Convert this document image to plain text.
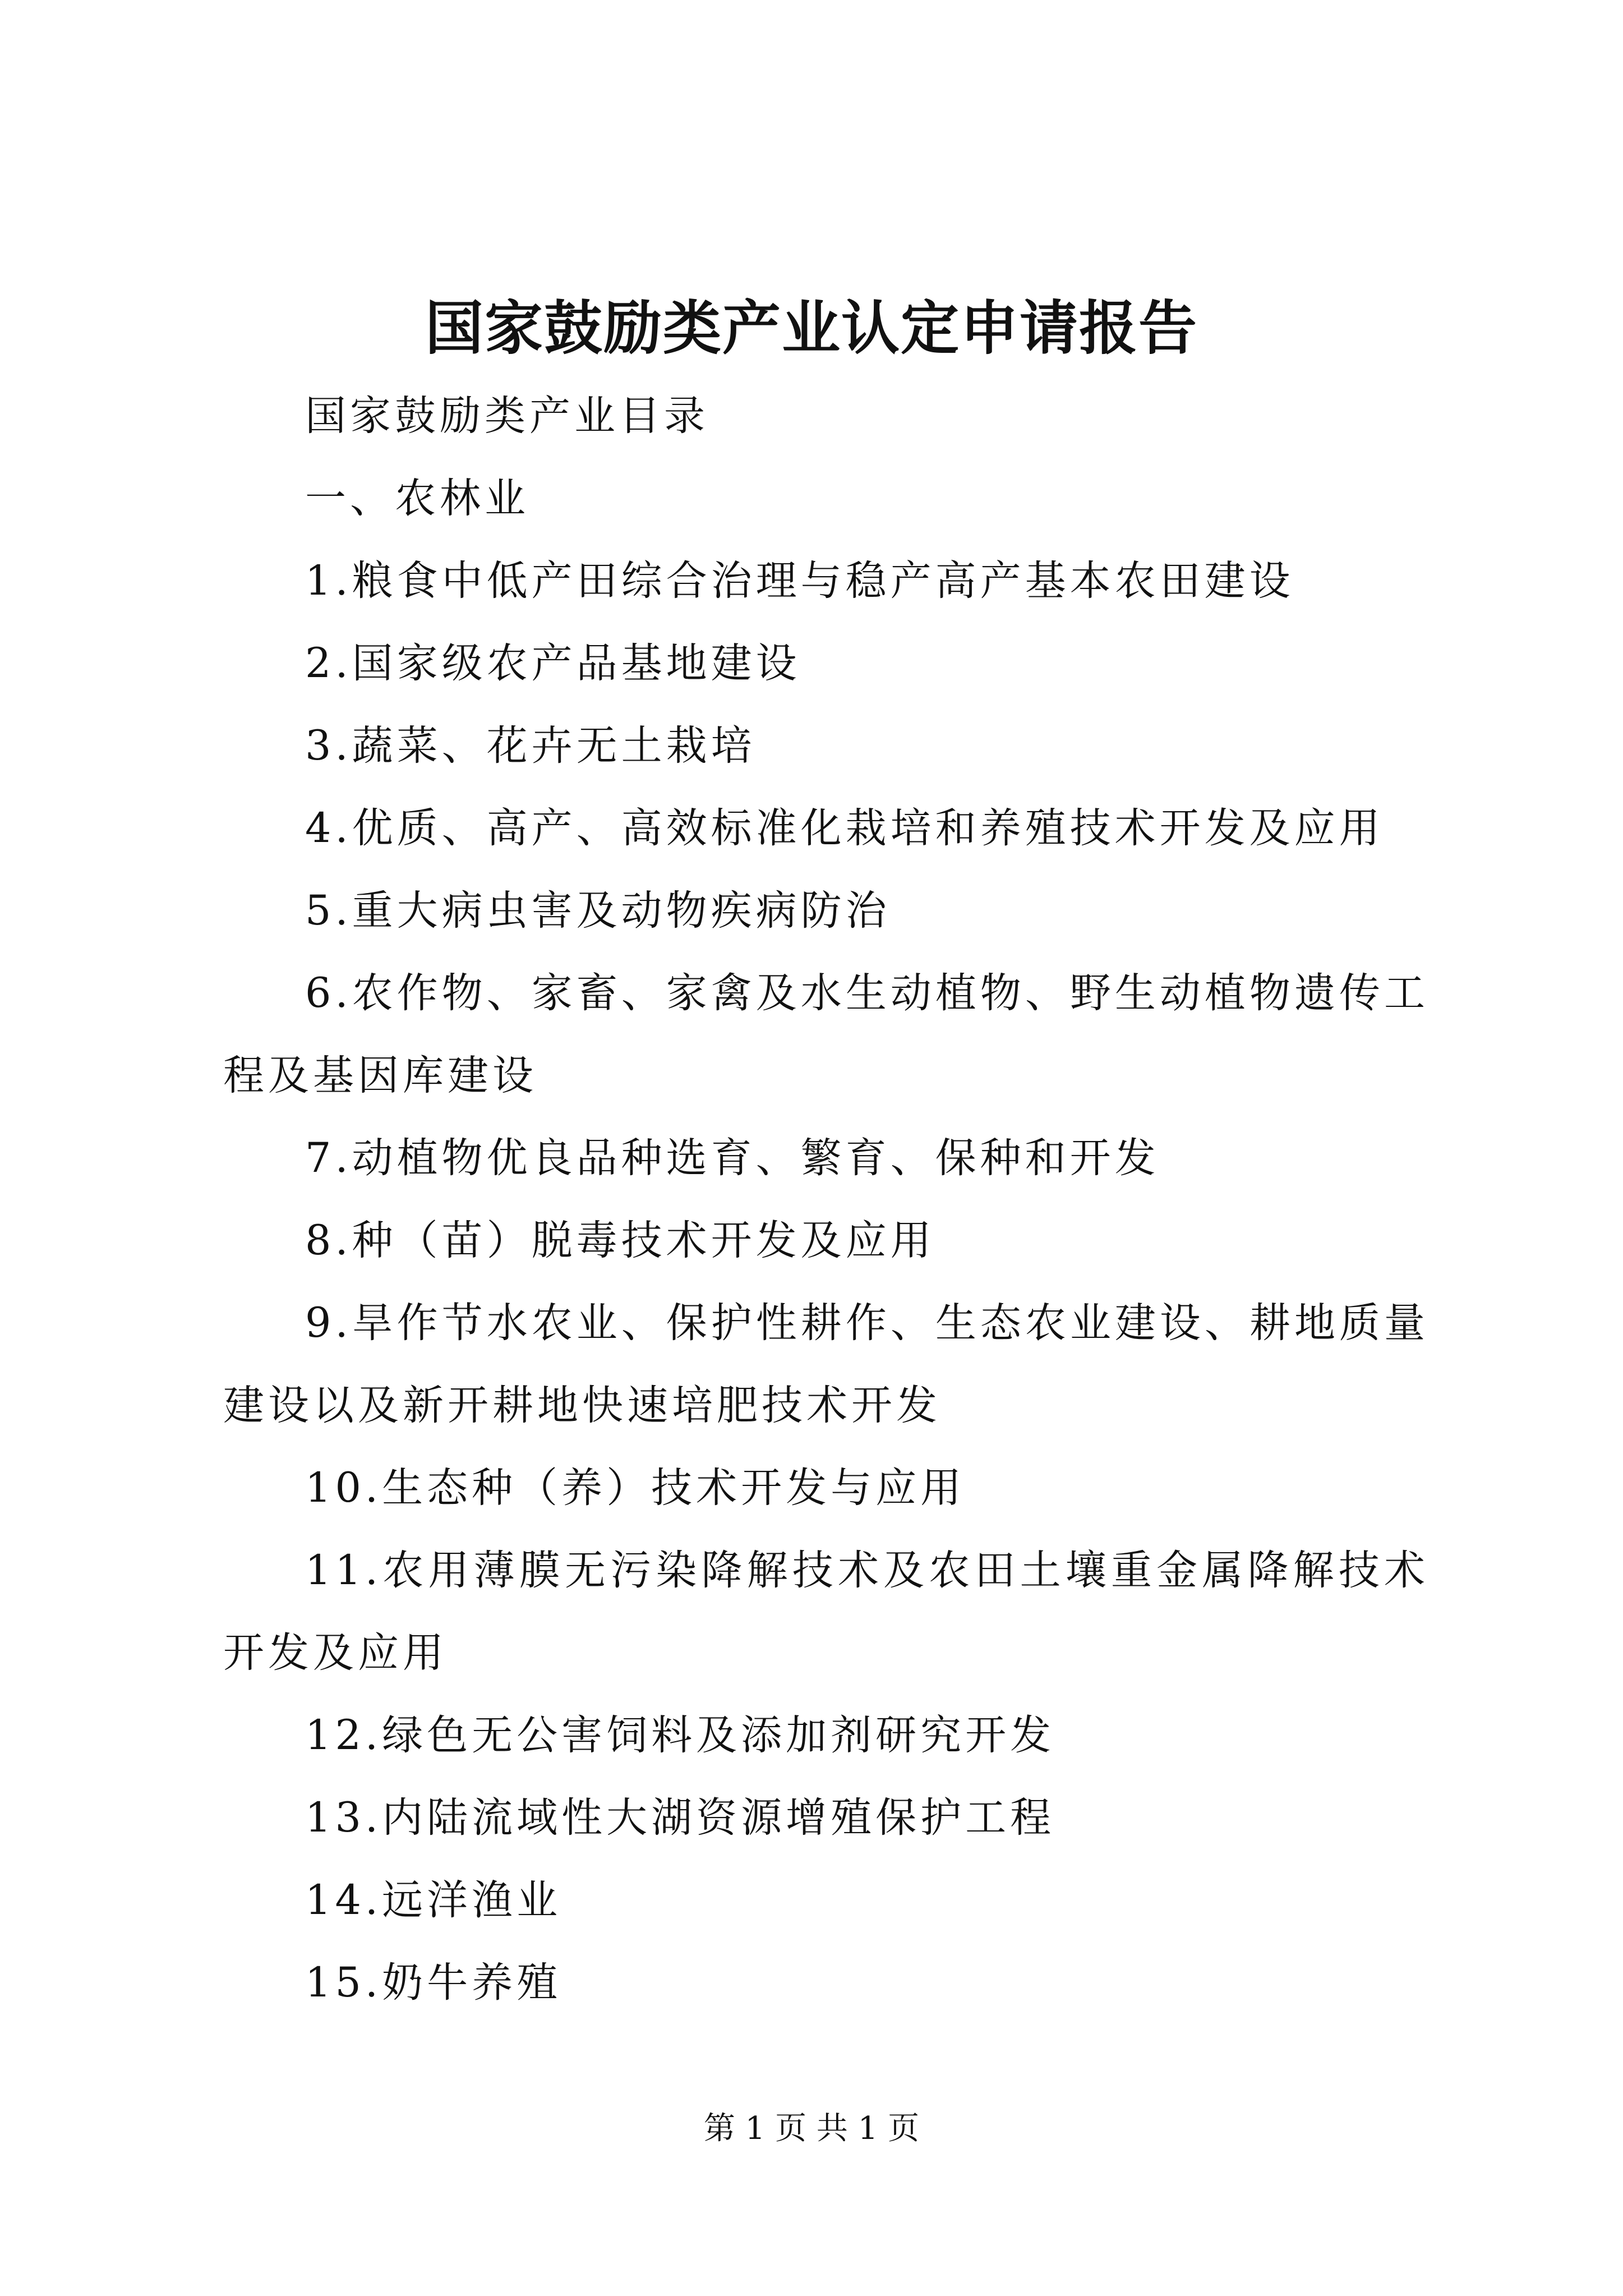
国家鼓励类产业认定申请报告

国家鼓励类产业目录

一、农林业

1.粮食中低产田综合治理与稳产高产基本农田建设

2.国家级农产品基地建设

3.蔬菜、花卉无土栽培

4.优质、高产、高效标准化栽培和养殖技术开发及应用

5.重大病虫害及动物疾病防治

6.农作物、家畜、家禽及水生动植物、野生动植物遗传工程及基因库建设

7.动植物优良品种选育、繁育、保种和开发

8.种（苗）脱毒技术开发及应用

9.旱作节水农业、保护性耕作、生态农业建设、耕地质量建设以及新开耕地快速培肥技术开发

10.生态种（养）技术开发与应用

11.农用薄膜无污染降解技术及农田土壤重金属降解技术开发及应用

12.绿色无公害饲料及添加剂研究开发

13.内陆流域性大湖资源增殖保护工程

14.远洋渔业

15.奶牛养殖

第 1 页 共 1 页
